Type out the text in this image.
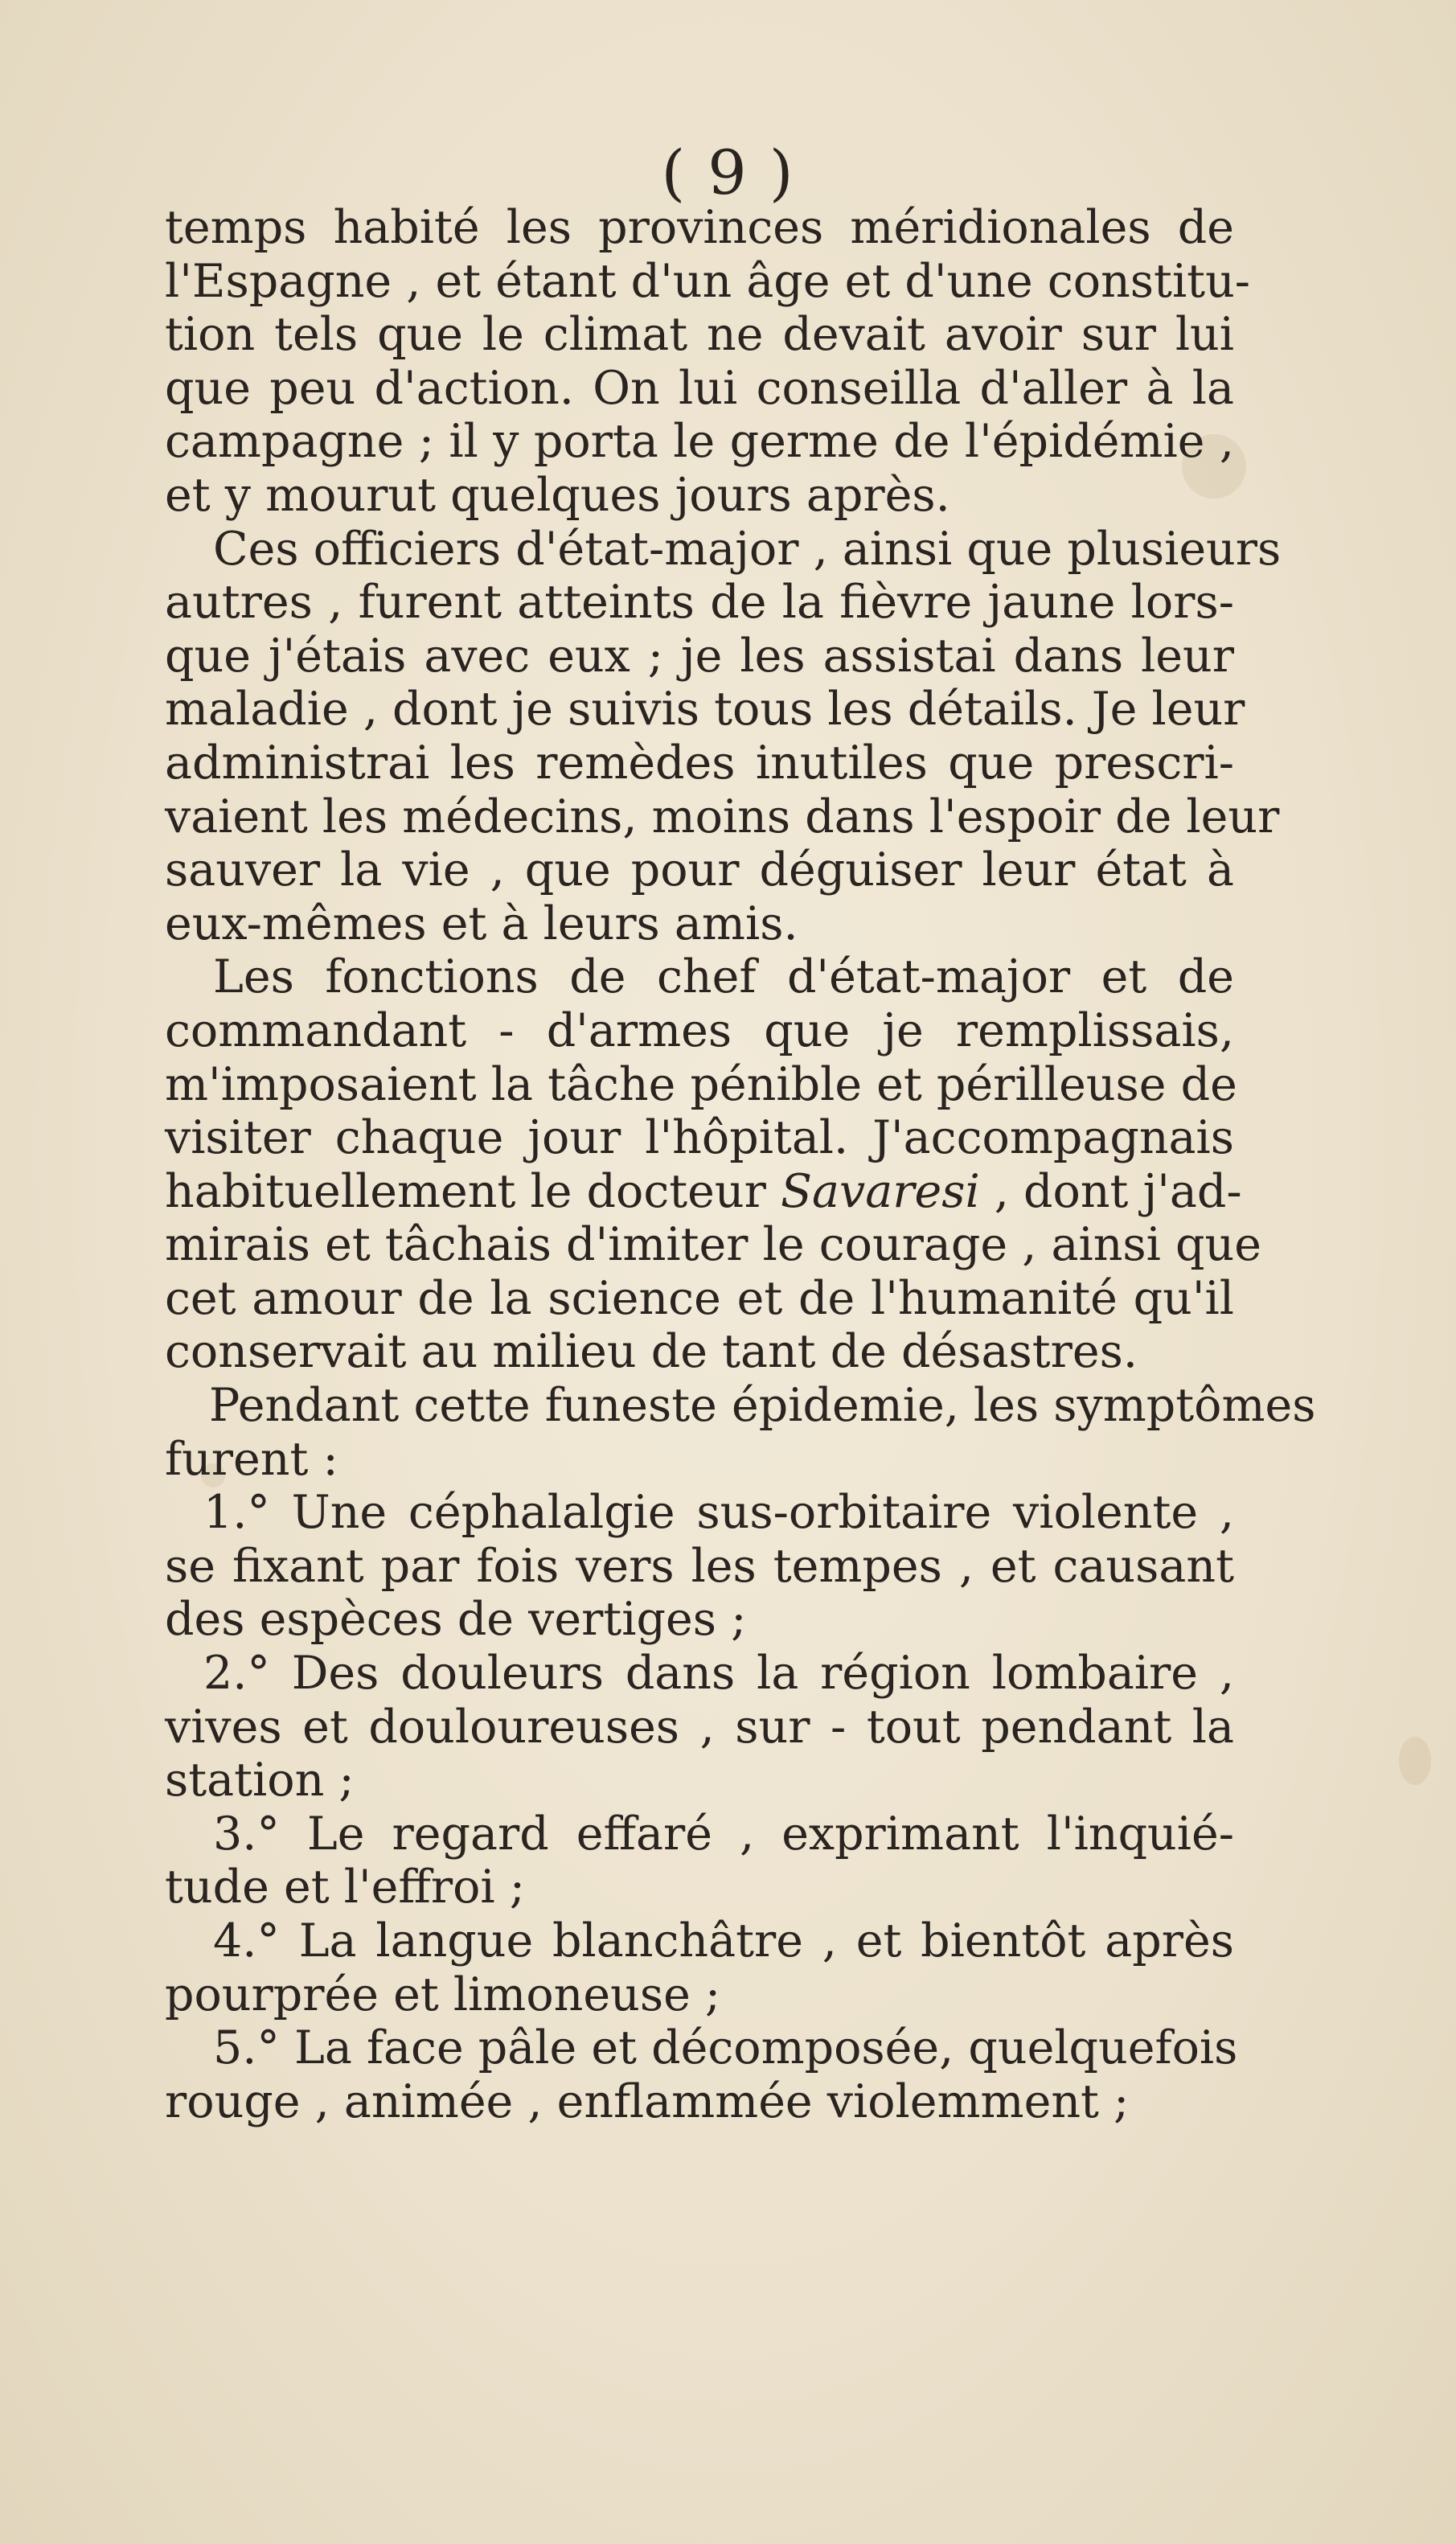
( 9 )
temps habité les provinces méridionales de
l'Espagne , et étant d'un âge et d'une constitu-
tion tels que le climat ne devait avoir sur lui
que peu d'action. On lui conseilla d'aller à la
campagne ; il y porta le germe de l'épidémie ,
et y mourut quelques jours après.
Ces officiers d'état-major , ainsi que plusieurs
autres , furent atteints de la fièvre jaune lors-
que j'étais avec eux ; je les assistai dans leur
maladie , dont je suivis tous les détails. Je leur
administrai les remèdes inutiles que prescri-
vaient les médecins, moins dans l'espoir de leur
sauver la vie , que pour déguiser leur état à
eux-mêmes et à leurs amis.
Les fonctions de chef d'état-major et de
commandant - d'armes que je remplissais,
m'imposaient la tâche pénible et périlleuse de
visiter chaque jour l'hôpital. J'accompagnais
habituellement le docteur Savaresi , dont j'ad-
mirais et tâchais d'imiter le courage , ainsi que
cet amour de la science et de l'humanité qu'il
conservait au milieu de tant de désastres.
Pendant cette funeste épidemie, les symptômes
furent :
1.° Une céphalalgie sus-orbitaire violente ,
se fixant par fois vers les tempes , et causant
des espèces de vertiges ;
2.° Des douleurs dans la région lombaire ,
vives et douloureuses , sur - tout pendant la
station ;
3.° Le regard effaré , exprimant l'inquié-
tude et l'effroi ;
4.° La langue blanchâtre , et bientôt après
pourprée et limoneuse ;
5.° La face pâle et décomposée, quelquefois
rouge , animée , enflammée violemment ;
